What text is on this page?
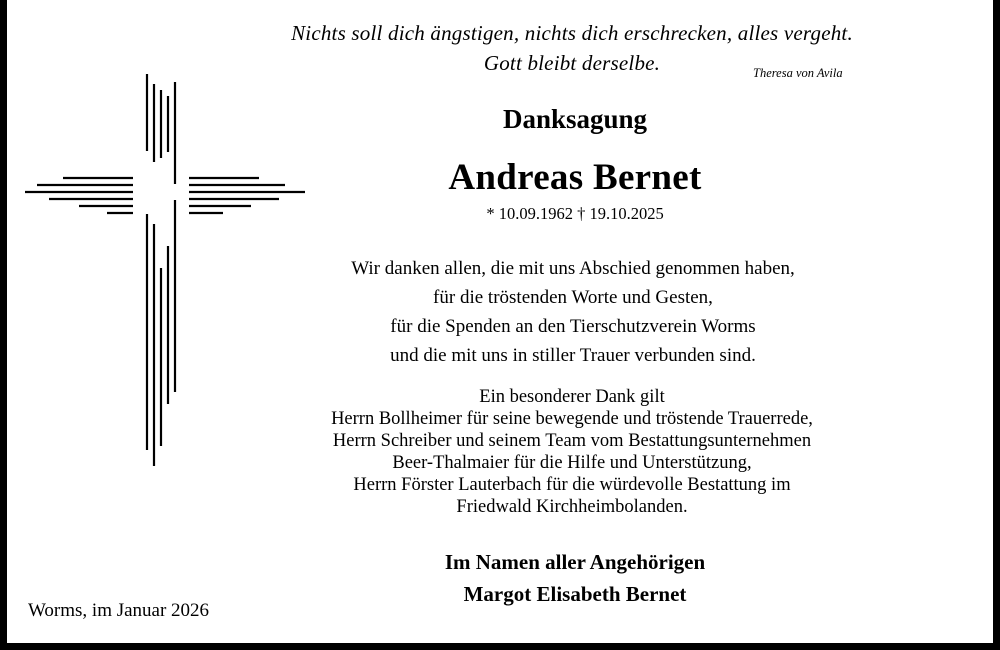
Nichts soll dich ängstigen, nichts dich erschrecken, alles vergeht.
Gott bleibt derselbe.	Theresa von Avila
Danksagung
Andreas Bernet
* 10.09.1962 † 19.10.2025
Wir danken allen, die mit uns Abschied genommen haben,
für die tröstenden Worte und Gesten,
für die Spenden an den Tierschutzverein Worms
und die mit uns in stiller Trauer verbunden sind.
Ein besonderer Dank gilt
Herrn Bollheimer für seine bewegende und tröstende Trauerrede,
Herrn Schreiber und seinem Team vom Bestattungsunternehmen
Beer-Thalmaier für die Hilfe und Unterstützung,
Herrn Förster Lauterbach für die würdevolle Bestattung im
Friedwald Kirchheimbolanden.
Im Namen aller Angehörigen
Margot Elisabeth Bernet
Worms, im Januar 2026
